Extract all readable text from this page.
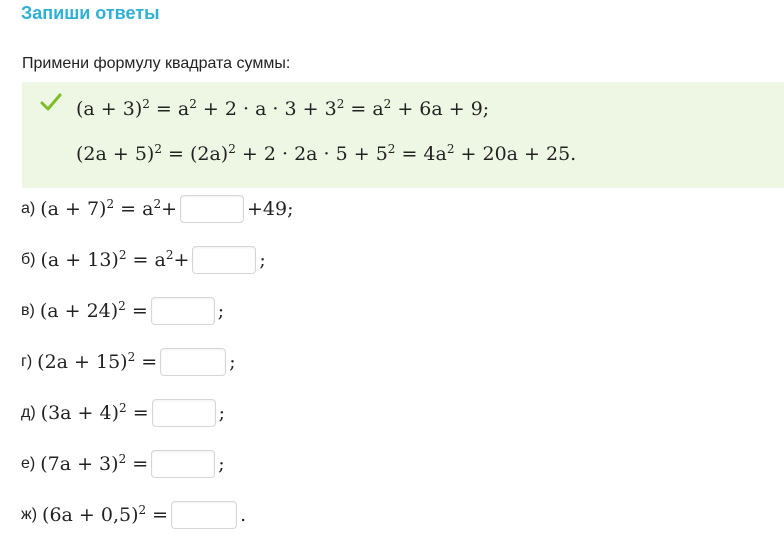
Запиши ответы
Примени формулу квадрата суммы:
$(a + 3)^2 = a^2 + 2 \cdot a \cdot 3 + 3^2 = a^2 + 6a + 9$;
$(2a + 5)^2 = (2a)^2 + 2 \cdot 2a \cdot 5 + 5^2 = 4a^2 + 20a + 25$.
а) $(a + 7)^2 = a^2+$	+49;
б) $(a + 13)^2 = a^2+$	;
в) $(a + 24)^2$ =	;
г) $(2a + 15)^2$ =	;
д) $(3a + 4)^2$ =	;
е) $(7a + 3)^2$ =	;
ж) $(6a + 0,5)^2$ =	.
